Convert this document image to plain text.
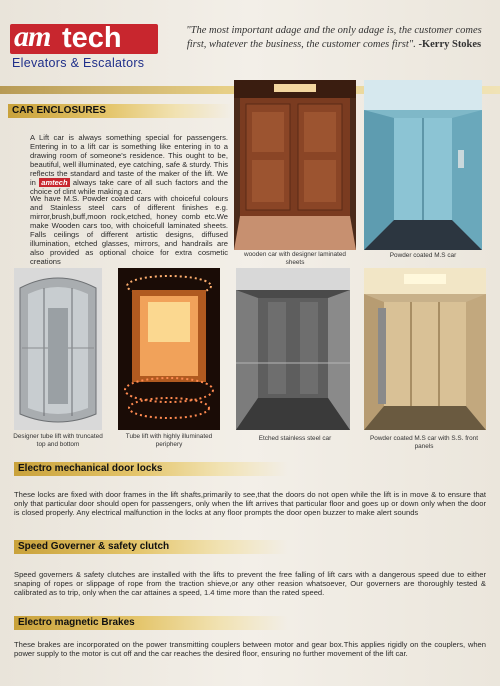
am tech
Elevators & Escalators
"The most important adage and the only adage is, the customer comes first, whatever the business, the customer comes first". -Kerry Stokes
CAR ENCLOSURES
A Lift car is always something special for passengers. Entering in to a lift car is something like entering in to a drawing room of someone's residence. This ought to be, beautiful, well illuminated, eye catching, safe & sturdy. This reflects the standard and taste of the maker of the lift. We in amtech always take care of all such factors and the choice of clint while making a car.
We have M.S. Powder coated cars with choiceful colours and Stainless steel cars of different finishes e.g. mirror,brush,buff,moon rock,etched, honey comb etc.We make Wooden cars too, with choicefull laminated sheets. Falls ceilings of different artistic designs, diffused illumination, etched glasses, mirrors, and handrails are also provided as optional choice for extra cosmetic creations
wooden car with designer laminated sheets
Powder coated M.S car
Designer tube lift with truncated top and bottom
Tube lift with highly illuminated periphery
Etched stainless steel car	Powder coated M.S car with S.S. front panels
Electro mechanical door locks
These locks are fixed with door frames in the lift shafts,primarily to see,that the doors do not open while the lift is in move & to ensure that only that particular door should open for passengers, only when the lift arrives that particular floor and goes up or down only when the door is closed properly. Any electrical malfunction in the locks at any floor prompts the door open buzzer to make alert sounds
Speed Governer & safety clutch
Speed governers & safety clutches are installed with the lifts to prevent the free falling of lift cars with a dangerous speed due to either snaping of ropes or slippage of rope from the traction shieve,or any other reasion whatsoever, Our governers are thoroughly tested & calibrated as to trip, only when the car attaines a speed, 1.4 time more than the rated speed.
Electro magnetic Brakes
These brakes are incorporated on the power transmitting couplers between motor and gear box.This applies rigidly on the couplers, when power supply to the motor is cut off and the car reaches the desired floor, ensuring no further movement of the lift car.
